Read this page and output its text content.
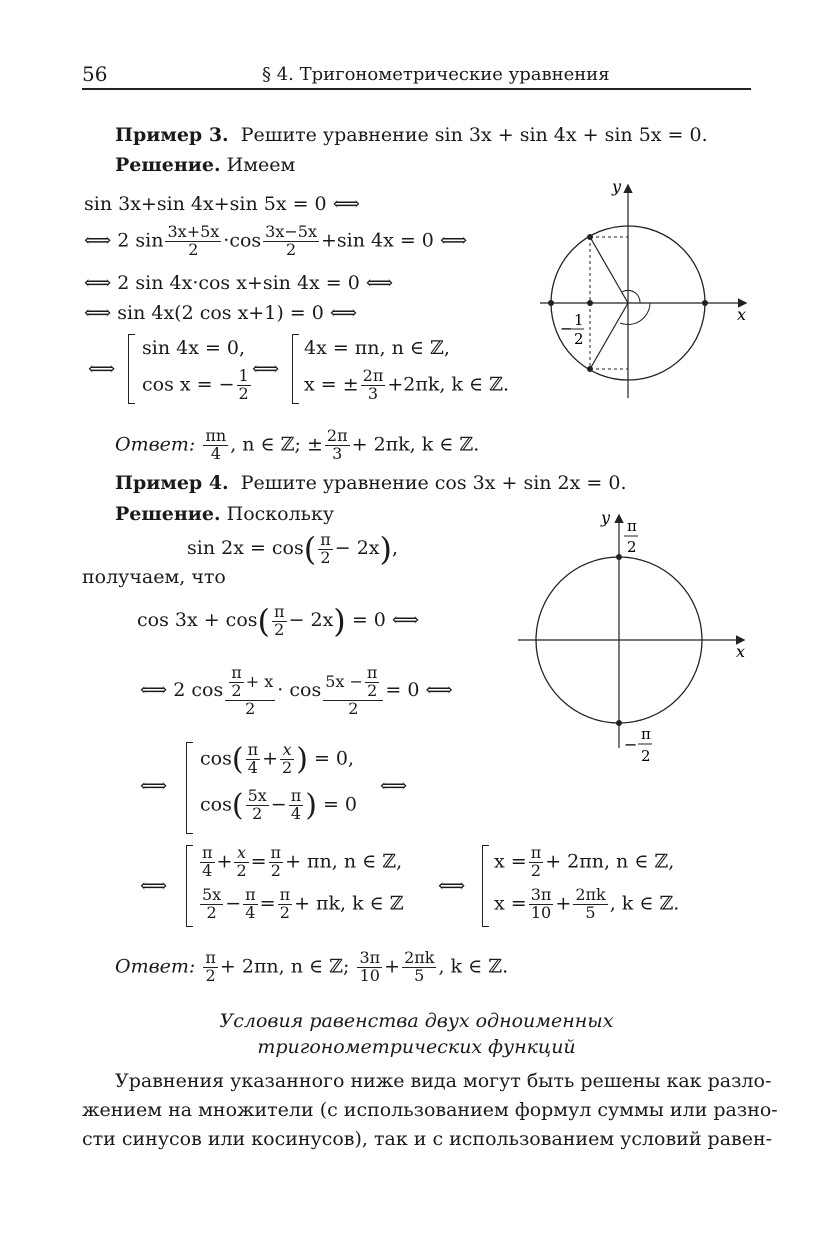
56	§ 4. Тригонометрические уравнения
Пример 3. Решите уравнение sin 3x + sin 4x + sin 5x = 0.
Решение. Имеем
sin 3x+sin 4x+sin 5x = 0 ⟺
⟺ 2 $\sin \frac{3x+5x}{2} \cdot\cos \frac{3x-5x}{2} +\sin$ 4x = 0 ⟺
⟺ 2 sin 4x·cos x+sin 4x = 0 ⟺
⟺ sin 4x(2 cos x+1) = 0 ⟺
⟺
sin 4x = 0,
cos x = − $\frac{1}{2}$ ⟺
4x = πn, n ∈ ℤ,
x = ± $\frac{2\pi}{3} +2\pi k$, k ∈ ℤ.
Ответ: $\frac{\pi n}{4}$ , n ∈ ℤ; ± $\frac{2\pi}{3} + 2\pi k$, k ∈ ℤ.
y
x
− 1
2
Пример 4. Решите уравнение cos 3x + sin 2x = 0.
Решение. Поскольку
$\sin 2x = \cos( \frac{\pi}{2} - 2x)$,
получаем, что
$\cos 3x + \cos( \frac{\pi}{2} - 2x) = 0$ ⟺
⟺ 2 $\cos \frac{\frac{\pi}{2} + x}{2} \cdot \cos \frac{5x - \frac{\pi}{2}}{2} = 0$ ⟺
⟺
$\cos( \frac{\pi}{4} + \frac{x}{2}$ ) = 0,
$\cos( \frac{5x}{2} - \frac{\pi}{4}$ ) = 0
⟺
⟺
$\frac{\pi}{4} + \frac{x}{2} = \frac{\pi}{2} + \pi n$, n ∈ ℤ,
$\frac{5x}{2} - \frac{\pi}{4} = \frac{\pi}{2} + \pi k$, k ∈ ℤ
⟺
$x = \frac{\pi}{2} + 2\pi n$, n ∈ ℤ,
$x = \frac{3\pi}{10} + \frac{2\pi k}{5}$ , k ∈ ℤ.
Ответ: $\frac{\pi}{2} + 2\pi n$, n ∈ ℤ; $\frac{3\pi}{10} + \frac{2\pi k}{5}$ , k ∈ ℤ.
y
x
π
2
−
π
2
Условия равенства двух одноименных
тригонометрических функций
Уравнения указанного ниже вида могут быть решены как разло-
жением на множители (с использованием формул суммы или разно-
сти синусов или косинусов), так и с использованием условий равен-
